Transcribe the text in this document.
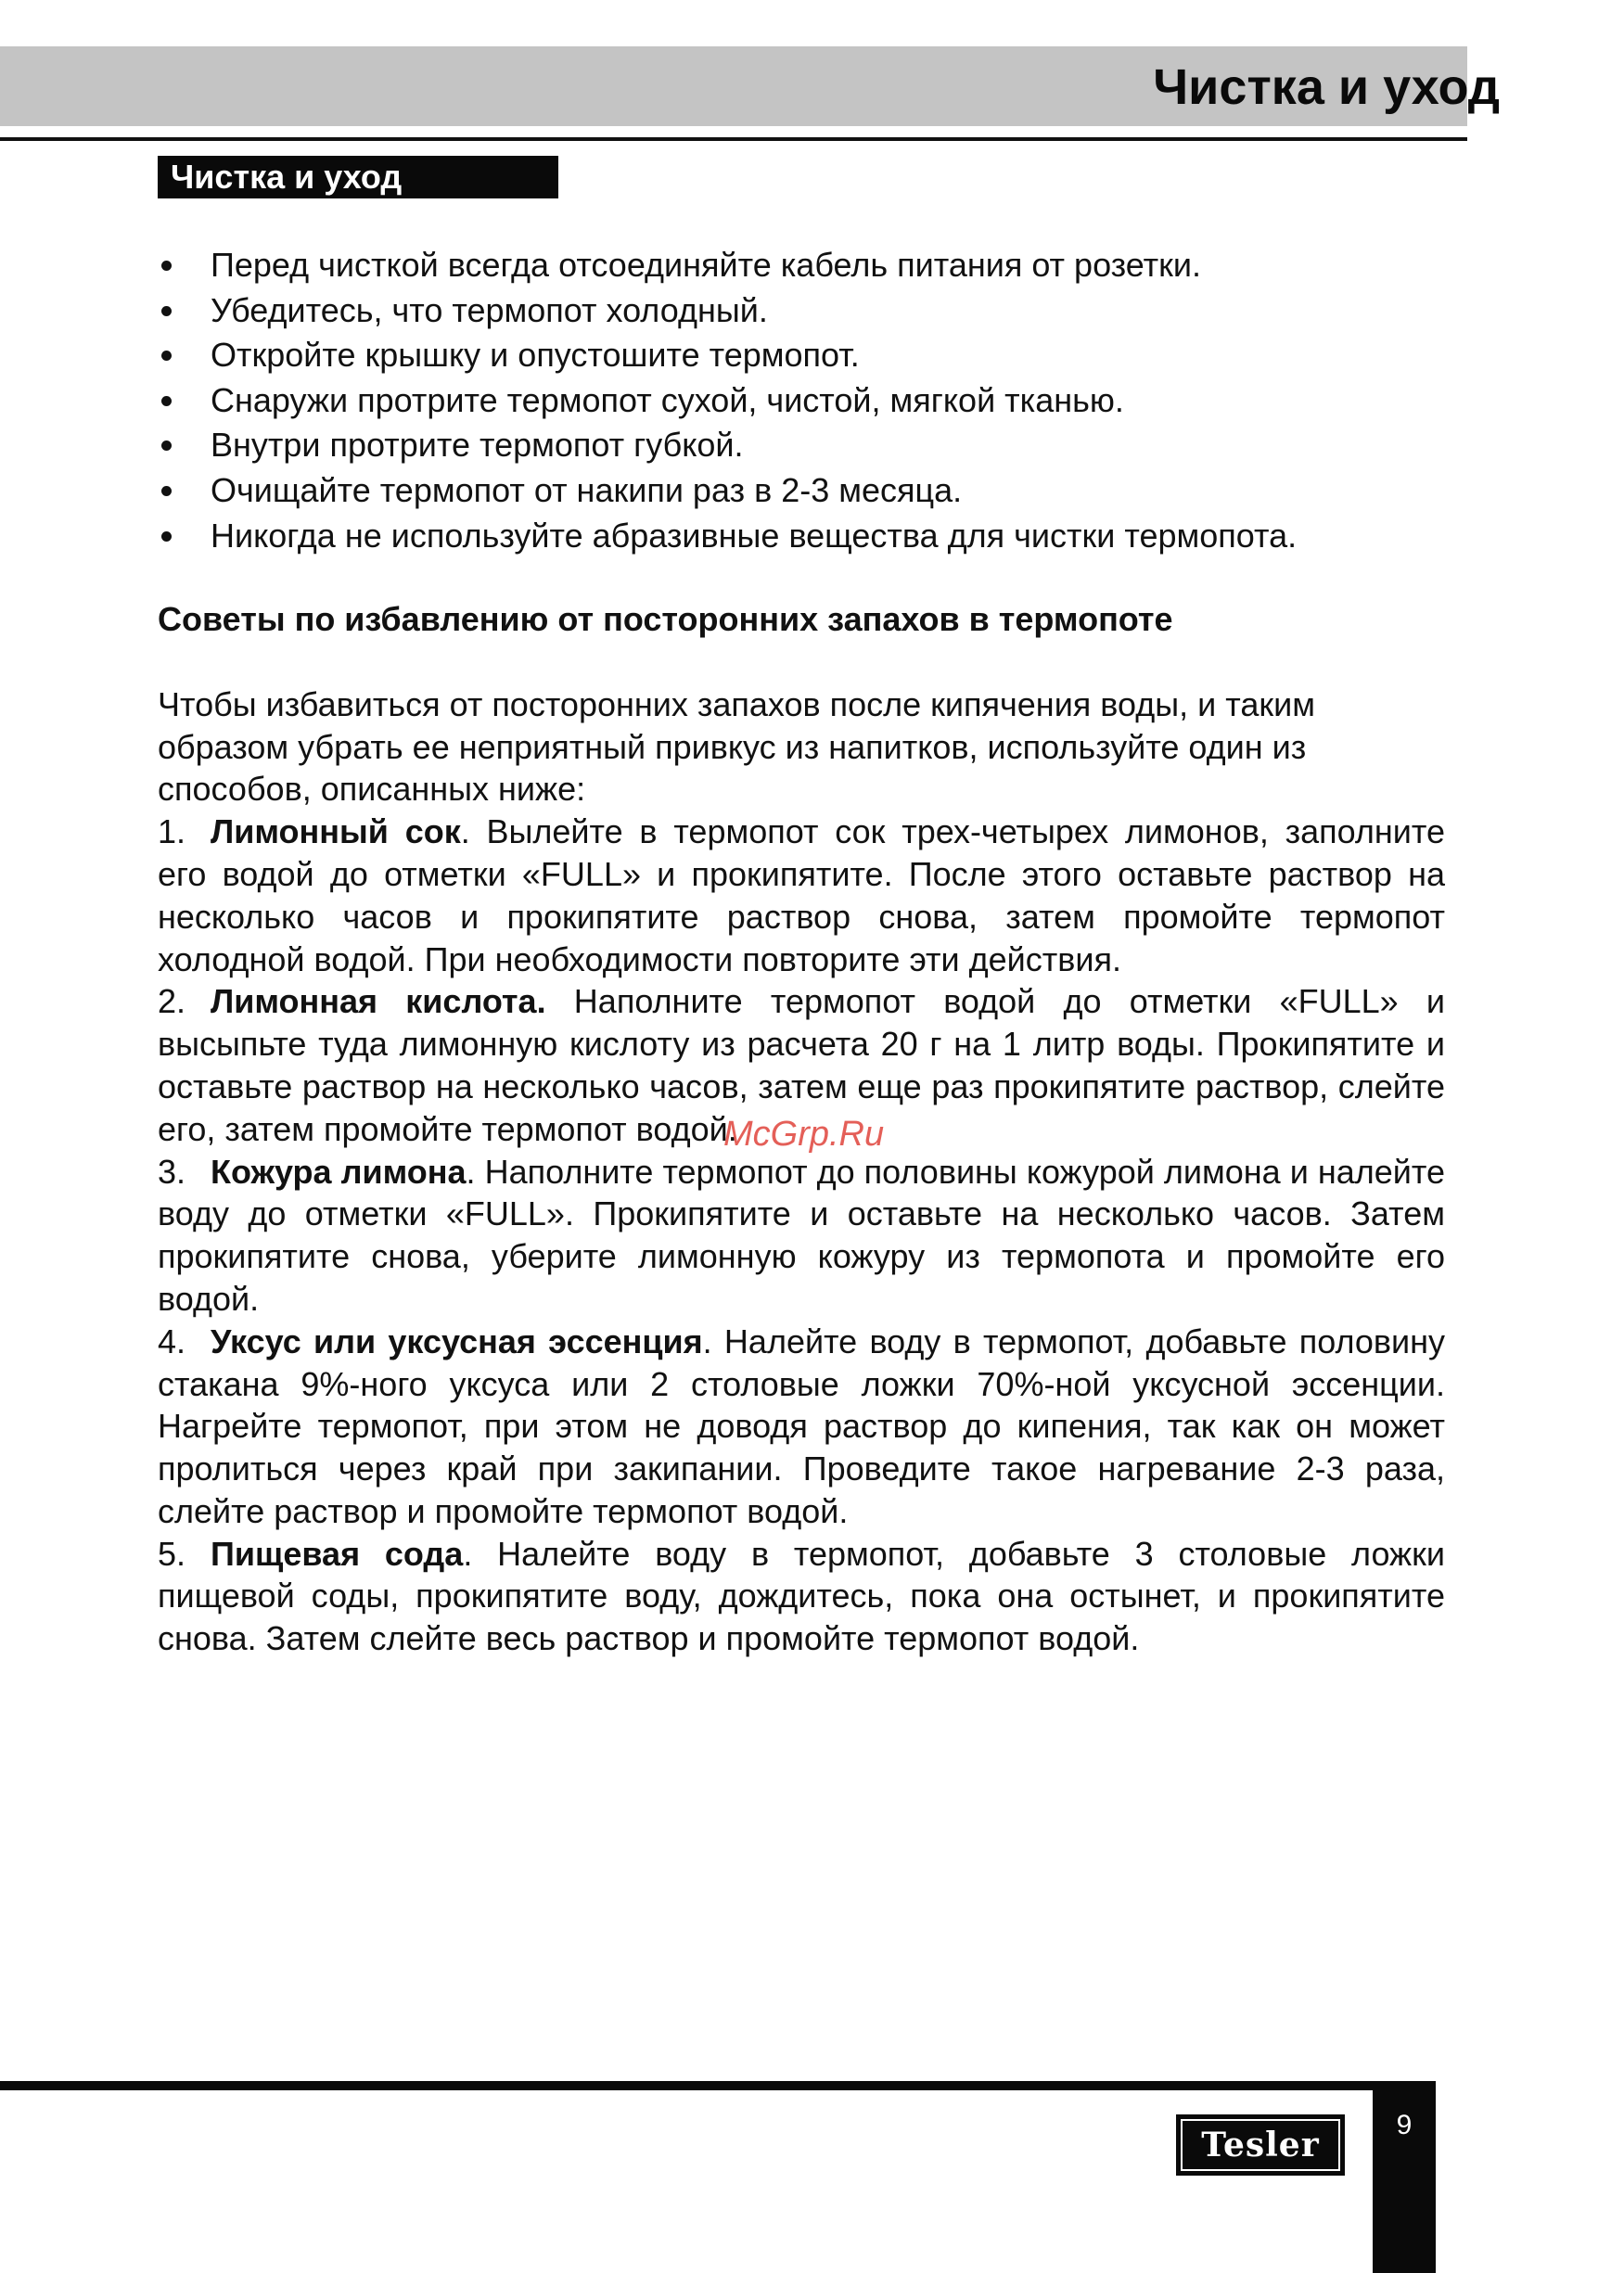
Чистка и уход
Чистка и уход
Перед чисткой всегда отсоединяйте кабель питания от розетки.
Убедитесь, что термопот холодный.
Откройте крышку и опустошите термопот.
Снаружи протрите термопот сухой, чистой, мягкой тканью.
Внутри протрите термопот губкой.
Очищайте термопот от накипи раз в 2-3 месяца.
Никогда не используйте абразивные вещества для чистки термопота.
Советы по избавлению от посторонних запахов в термопоте
Чтобы избавиться от посторонних запахов после кипячения воды, и таким образом убрать ее неприятный привкус из напитков, используйте один из способов, описанных ниже:
1. Лимонный сок. Вылейте в термопот сок трех-четырех лимонов, заполните его водой до отметки «FULL» и прокипятите. После этого оставьте раствор на несколько часов и прокипятите раствор снова, затем промойте термопот холодной водой. При необходимости повторите эти действия.
2. Лимонная кислота. Наполните термопот водой до отметки «FULL» и высыпьте туда лимонную кислоту из расчета 20 г на 1 литр воды. Прокипятите и оставьте раствор на несколько часов, затем еще раз прокипятите раствор, слейте его, затем промойте термопот водой.
3. Кожура лимона. Наполните термопот до половины кожурой лимона и налейте воду до отметки «FULL». Прокипятите и оставьте на несколько часов. Затем прокипятите снова, уберите лимонную кожуру из термопота и промойте его водой.
4. Уксус или уксусная эссенция. Налейте воду в термопот, добавьте половину стакана 9%-ного уксуса или 2 столовые ложки 70%-ной уксусной эссенции. Нагрейте термопот, при этом не доводя раствор до кипения, так как он может пролиться через край при закипании. Проведите такое нагревание 2-3 раза, слейте раствор и промойте термопот водой.
5. Пищевая сода. Налейте воду в термопот, добавьте 3 столовые ложки пищевой соды, прокипятите воду, дождитесь, пока она остынет, и прокипятите снова. Затем слейте весь раствор и промойте термопот водой.
McGrp.Ru
9
Tesler
